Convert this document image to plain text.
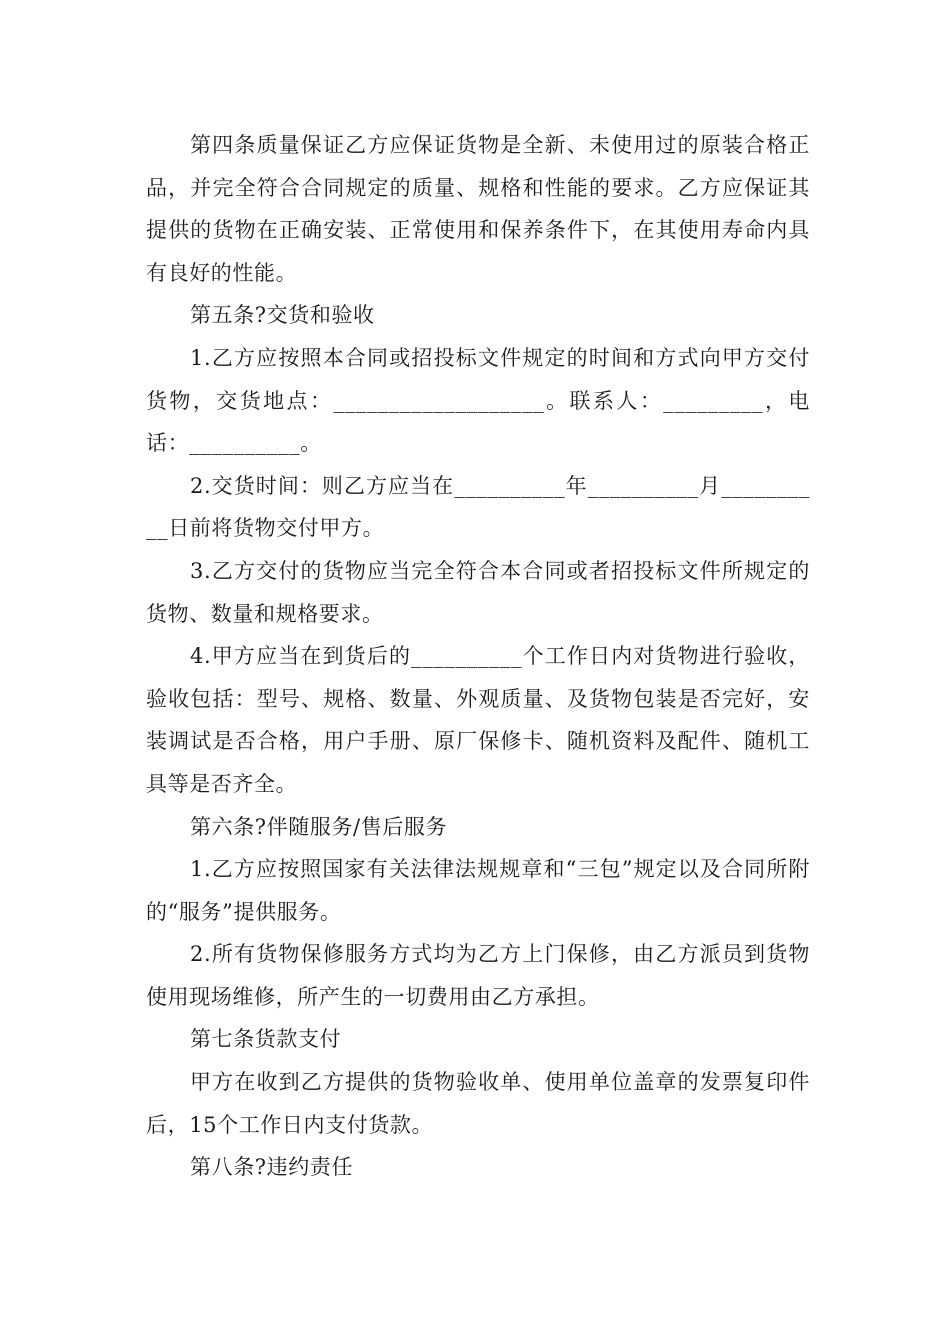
第四条质量保证乙方应保证货物是全新、未使用过的原装合格正品，并完全符合合同规定的质量、规格和性能的要求。乙方应保证其提供的货物在正确安装、正常使用和保养条件下，在其使用寿命内具有良好的性能。

第五条?交货和验收

1.乙方应按照本合同或招投标文件规定的时间和方式向甲方交付货物，交货地点：___________________。联系人：_________，电话：__________。

2.交货时间：则乙方应当在__________年__________月__________日前将货物交付甲方。

3.乙方交付的货物应当完全符合本合同或者招投标文件所规定的货物、数量和规格要求。

4.甲方应当在到货后的__________个工作日内对货物进行验收，验收包括：型号、规格、数量、外观质量、及货物包装是否完好，安装调试是否合格，用户手册、原厂保修卡、随机资料及配件、随机工具等是否齐全。

第六条?伴随服务/售后服务

1.乙方应按照国家有关法律法规规章和“三包”规定以及合同所附的“服务”提供服务。

2.所有货物保修服务方式均为乙方上门保修，由乙方派员到货物使用现场维修，所产生的一切费用由乙方承担。

第七条货款支付

甲方在收到乙方提供的货物验收单、使用单位盖章的发票复印件后，15个工作日内支付货款。

第八条?违约责任
